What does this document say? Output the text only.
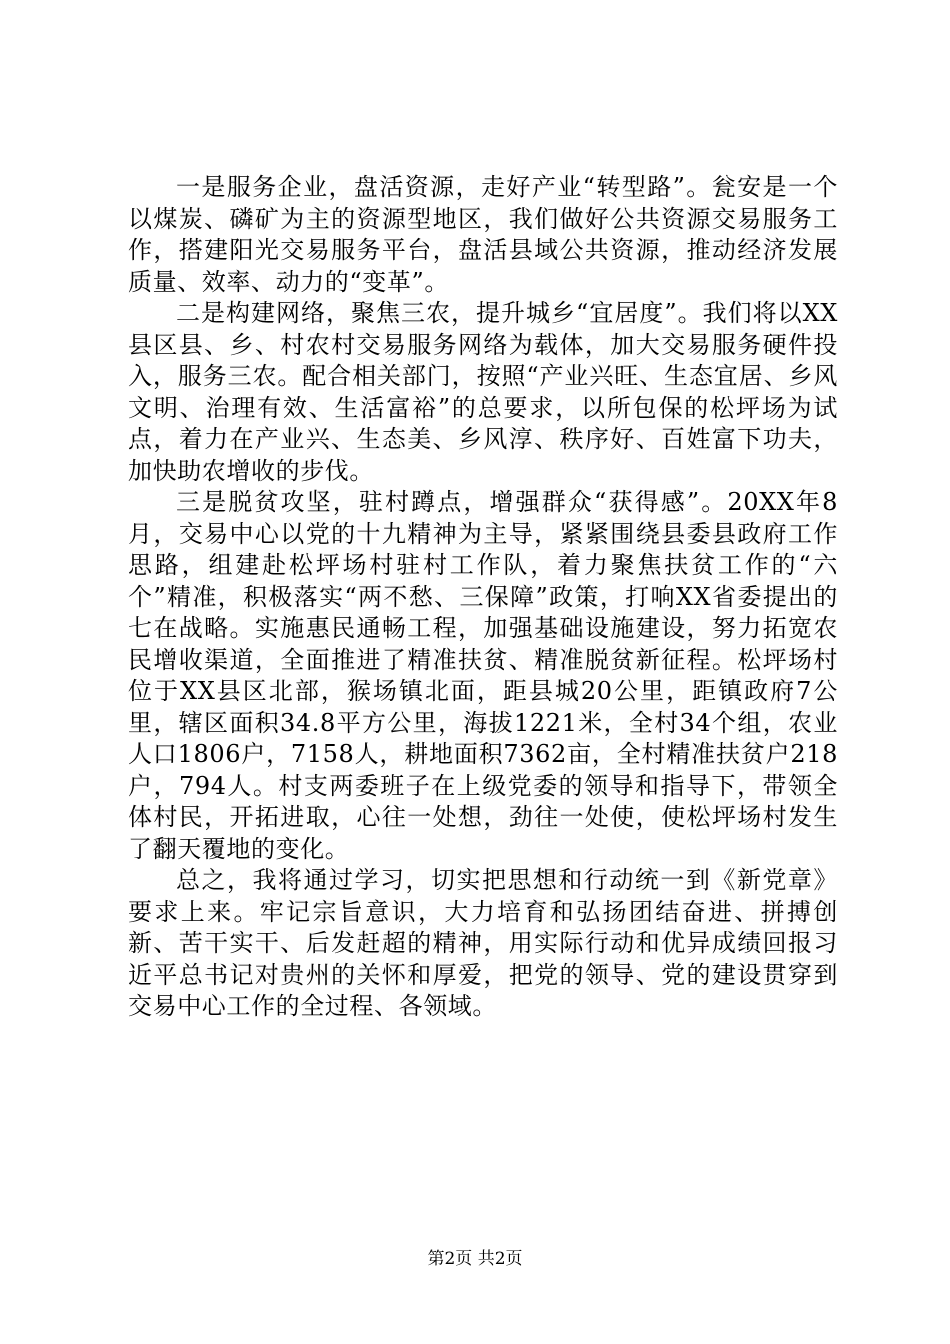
一是服务企业，盘活资源，走好产业“转型路”。瓮安是一个以煤炭、磷矿为主的资源型地区，我们做好公共资源交易服务工作，搭建阳光交易服务平台，盘活县域公共资源，推动经济发展质量、效率、动力的“变革”。

二是构建网络，聚焦三农，提升城乡“宜居度”。我们将以XX县区县、乡、村农村交易服务网络为载体，加大交易服务硬件投入，服务三农。配合相关部门，按照“产业兴旺、生态宜居、乡风文明、治理有效、生活富裕”的总要求，以所包保的松坪场为试点，着力在产业兴、生态美、乡风淳、秩序好、百姓富下功夫，加快助农增收的步伐。

三是脱贫攻坚，驻村蹲点，增强群众“获得感”。20XX年8月，交易中心以党的十九精神为主导，紧紧围绕县委县政府工作思路，组建赴松坪场村驻村工作队，着力聚焦扶贫工作的“六个”精准，积极落实“两不愁、三保障”政策，打响XX省委提出的七在战略。实施惠民通畅工程，加强基础设施建设，努力拓宽农民增收渠道，全面推进了精准扶贫、精准脱贫新征程。松坪场村位于XX县区北部，猴场镇北面，距县城20公里，距镇政府7公里，辖区面积34.8平方公里，海拔1221米，全村34个组，农业人口1806户，7158人，耕地面积7362亩，全村精准扶贫户218户，794人。村支两委班子在上级党委的领导和指导下，带领全体村民，开拓进取，心往一处想，劲往一处使，使松坪场村发生了翻天覆地的变化。

总之，我将通过学习，切实把思想和行动统一到《新党章》要求上来。牢记宗旨意识，大力培育和弘扬团结奋进、拼搏创新、苦干实干、后发赶超的精神，用实际行动和优异成绩回报习近平总书记对贵州的关怀和厚爱，把党的领导、党的建设贯穿到交易中心工作的全过程、各领域。

第2页 共2页
